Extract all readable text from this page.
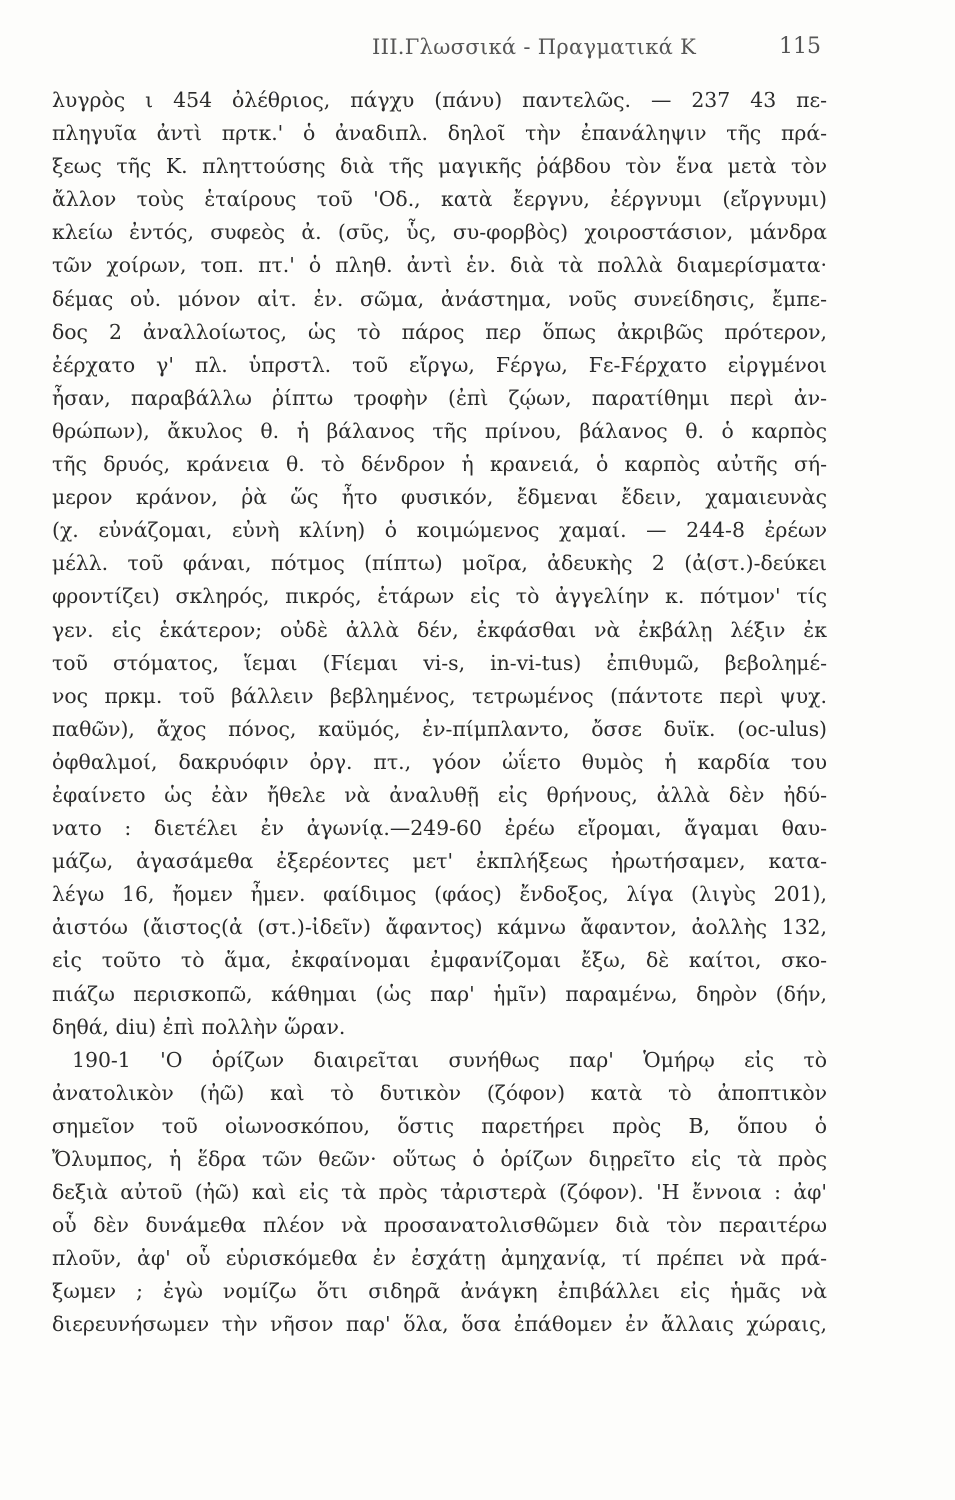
III.Γλωσσικά - Πραγματικά Κ	115
λυγρὸς ι 454 ὀλέθριος, πάγχυ (πάνυ) παντελῶς. — 237 43 πε-
πληγυῖα ἀντὶ πρτκ.' ὁ ἀναδιπλ. δηλοῖ τὴν ἐπανάληψιν τῆς πρά-
ξεως τῆς Κ. πληττούσης διὰ τῆς μαγικῆς ῥάβδου τὸν ἕνα μετὰ τὸν
ἄλλον τοὺς ἑταίρους τοῦ 'Οδ., κατὰ ἔεργνυ, ἐέργνυμι (εἴργνυμι)
κλείω ἐντός, συφεὸς ἀ. (σῦς, ὗς, συ-φορβὸς) χοιροστάσιον, μάνδρα
τῶν χοίρων, τοπ. πτ.' ὁ πληθ. ἀντὶ ἑν. διὰ τὰ πολλὰ διαμερίσματα·
δέμας οὐ. μόνον αἰτ. ἑν. σῶμα, ἀνάστημα, νοῦς συνείδησις, ἔμπε-
δος 2 ἀναλλοίωτος, ὡς τὸ πάρος περ ὅπως ἀκριβῶς πρότερον,
ἐέρχατο γ' πλ. ὑπρστλ. τοῦ εἴργω, Ϝέργω, Ϝε-Ϝέρχατο εἰργμένοι
ἦσαν, παραβάλλω ῥίπτω τροφὴν (ἐπὶ ζῴων, παρατίθημι περὶ ἀν-
θρώπων), ἄκυλος θ. ἡ βάλανος τῆς πρίνου, βάλανος θ. ὁ καρπὸς
τῆς δρυός, κράνεια θ. τὸ δένδρον ἡ κρανειά, ὁ καρπὸς αὐτῆς σή-
μερον κράνον, ῥὰ ὥς ἦτο φυσικόν, ἔδμεναι ἔδειν, χαμαιευνὰς
(χ. εὐνάζομαι, εὐνὴ κλίνη) ὁ κοιμώμενος χαμαί. — 244-8 ἐρέων
μέλλ. τοῦ φάναι, πότμος (πίπτω) μοῖρα, ἀδευκὴς 2 (ἀ(στ.)-δεύκει
φροντίζει) σκληρός, πικρός, ἑτάρων εἰς τὸ ἀγγελίην κ. πότμον' τίς
γεν. εἰς ἑκάτερον; οὐδὲ ἀλλὰ δέν, ἐκφάσθαι νὰ ἐκβάλῃ λέξιν ἐκ
τοῦ στόματος, ἵεμαι (Ϝίεμαι vi-s, in-vi-tus) ἐπιθυμῶ, βεβολημέ-
νος πρκμ. τοῦ βάλλειν βεβλημένος, τετρωμένος (πάντοτε περὶ ψυχ.
παθῶν), ἄχος πόνος, καϋμός, ἐν-πίμπλαντο, ὄσσε δυϊκ. (oc-ulus)
ὀφθαλμοί, δακρυόφιν ὀργ. πτ., γόον ὠΐετο θυμὸς ἡ καρδία του
ἐφαίνετο ὡς ἐὰν ἤθελε νὰ ἀναλυθῇ εἰς θρήνους, ἀλλὰ δὲν ἠδύ-
νατο : διετέλει ἐν ἀγωνίᾳ.—249-60 ἐρέω εἴρομαι, ἄγαμαι θαυ-
μάζω, ἀγασάμεθα ἐξερέοντες μετ' ἐκπλήξεως ἠρωτήσαμεν, κατα-
λέγω 16, ἤομεν ἦμεν. φαίδιμος (φάος) ἔνδοξος, λίγα (λιγὺς 201),
ἀιστόω (ἄιστος(ἀ (στ.)-ἰδεῖν) ἄφαντος) κάμνω ἄφαντον, ἀολλὴς 132,
εἰς τοῦτο τὸ ἅμα, ἐκφαίνομαι ἐμφανίζομαι ἔξω, δὲ καίτοι, σκο-
πιάζω περισκοπῶ, κάθημαι (ὡς παρ' ἡμῖν) παραμένω, δηρὸν (δήν,
δηθά, diu) ἐπὶ πολλὴν ὥραν.
190-1 'Ο ὁρίζων διαιρεῖται συνήθως παρ' Ὁμήρῳ εἰς τὸ
ἀνατολικὸν (ἠῶ) καὶ τὸ δυτικὸν (ζόφον) κατὰ τὸ ἀποπτικὸν
σημεῖον τοῦ οἰωνοσκόπου, ὅστις παρετήρει πρὸς Β, ὅπου ὁ
Ὄλυμπος, ἡ ἕδρα τῶν θεῶν· οὕτως ὁ ὁρίζων διῃρεῖτο εἰς τὰ πρὸς
δεξιὰ αὐτοῦ (ἠῶ) καὶ εἰς τὰ πρὸς τἀριστερὰ (ζόφον). 'Η ἔννοια : ἀφ'
οὗ δὲν δυνάμεθα πλέον νὰ προσανατολισθῶμεν διὰ τὸν περαιτέρω
πλοῦν, ἀφ' οὗ εὑρισκόμεθα ἐν ἐσχάτῃ ἀμηχανίᾳ, τί πρέπει νὰ πρά-
ξωμεν ; ἐγὼ νομίζω ὅτι σιδηρᾶ ἀνάγκη ἐπιβάλλει εἰς ἡμᾶς νὰ
διερευνήσωμεν τὴν νῆσον παρ' ὅλα, ὅσα ἐπάθομεν ἐν ἄλλαις χώραις,
